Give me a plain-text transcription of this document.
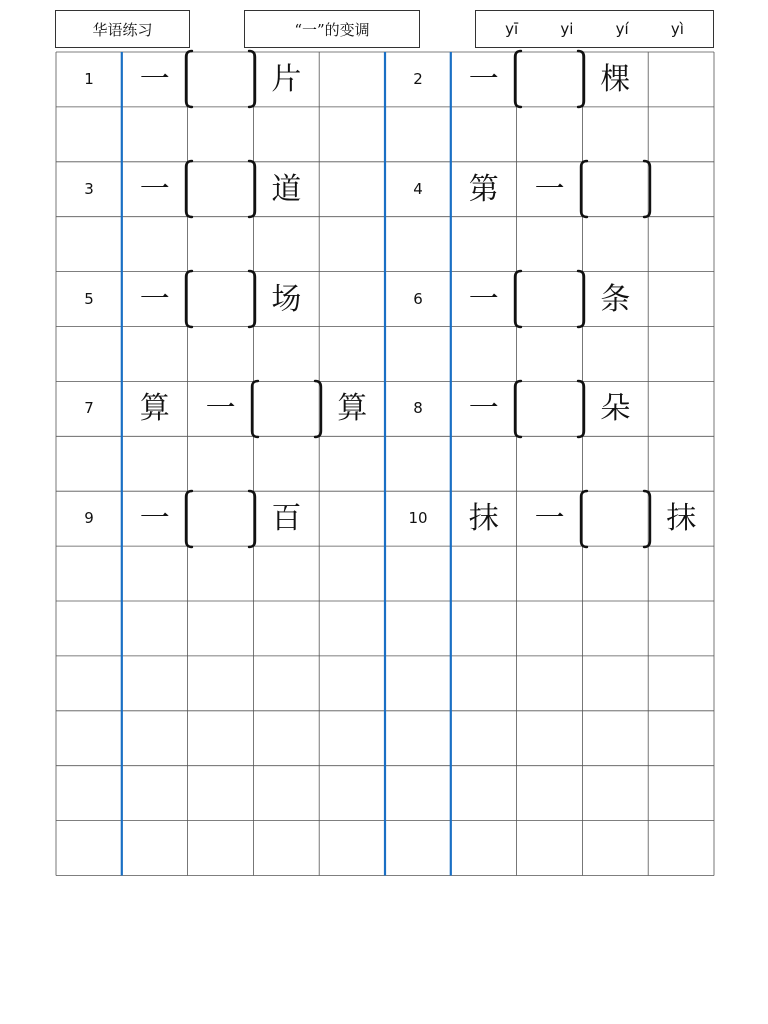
华语练习	“一”的变调	yī	yi	yí	yì
1	一	片	2	一	棵
3	一	道	4	第	一
5	一	场	6	一	条
7	算	一	算	8	一	朵
9	一	百	10	抹	一	抹
